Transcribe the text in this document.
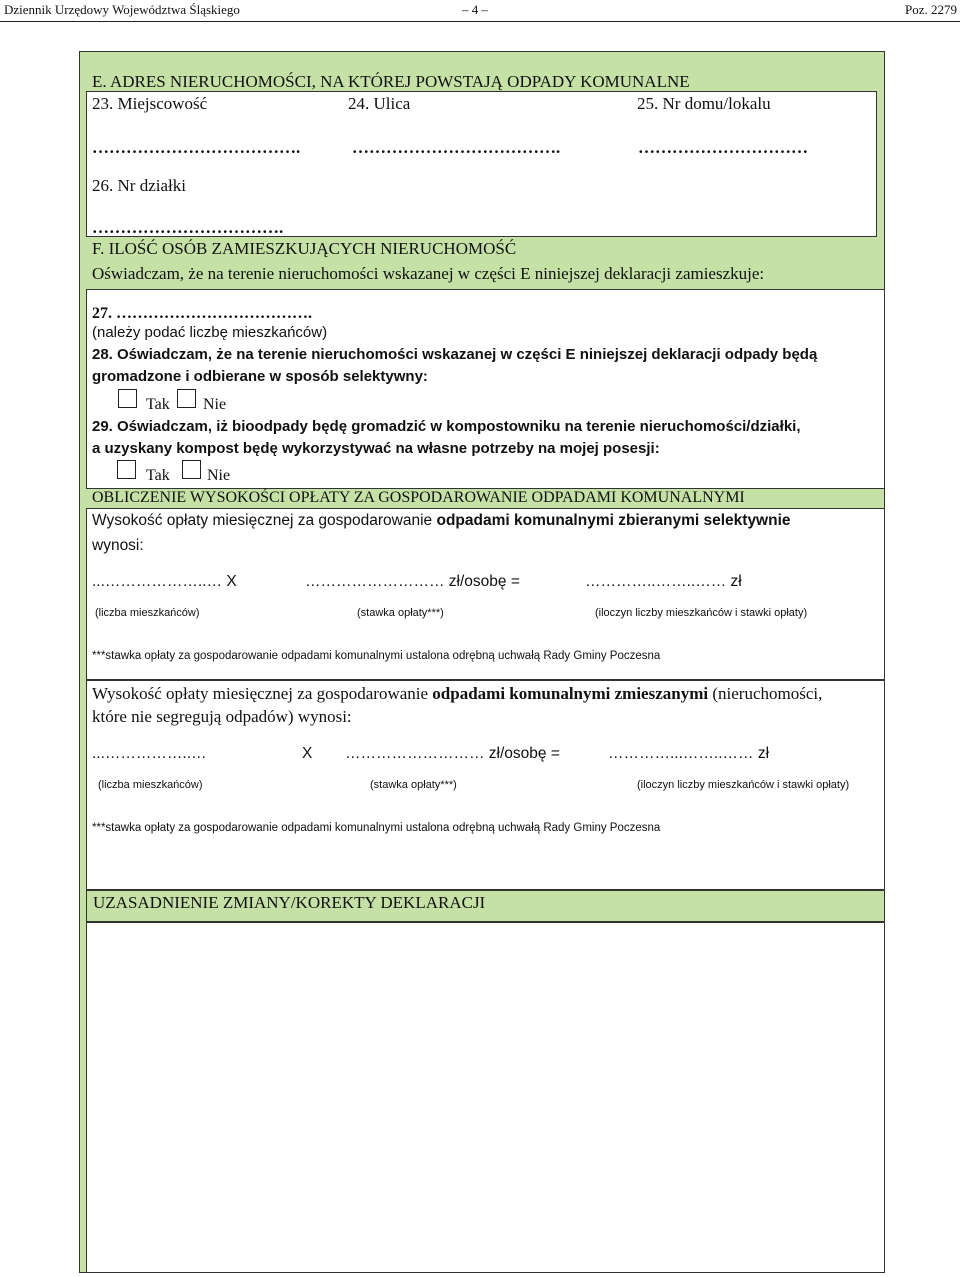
Dziennik Urzędowy Województwa Śląskiego	– 4 –	Poz. 2279
E. ADRES NIERUCHOMOŚCI, NA KTÓREJ POWSTAJĄ ODPADY KOMUNALNE
23. Miejscowość	24. Ulica	25. Nr domu/lokalu
……………………………….	……………………………….	…………………………
26. Nr działki
…………………………….
F. ILOŚĆ OSÓB ZAMIESZKUJĄCYCH NIERUCHOMOŚĆ
Oświadczam, że na terenie nieruchomości wskazanej w części E niniejszej deklaracji zamieszkuje:
27. ……………………………….
(należy podać liczbę mieszkańców)
28. Oświadczam, że na terenie nieruchomości wskazanej w części E niniejszej deklaracji odpady będą
gromadzone i odbierane w sposób selektywny:
Tak Nie
29. Oświadczam, iż bioodpady będę gromadzić w kompostowniku na terenie nieruchomości/działki,
a uzyskany kompost będę wykorzystywać na własne potrzeby na mojej posesji:
Tak Nie
OBLICZENIE WYSOKOŚCI OPŁATY ZA GOSPODAROWANIE ODPADAMI KOMUNALNYMI
Wysokość opłaty miesięcznej za gospodarowanie odpadami komunalnymi zbieranymi selektywnie
wynosi:
...………………..… X	……………………… zł/osobę =	…………..……..…… zł
(liczba mieszkańców)	(stawka opłaty***)	(iloczyn liczby mieszkańców i stawki opłaty)
***stawka opłaty za gospodarowanie odpadami komunalnymi ustalona odrębną uchwałą Rady Gminy Poczesna
Wysokość opłaty miesięcznej za gospodarowanie odpadami komunalnymi zmieszanymi (nieruchomości,
które nie segregują odpadów) wynosi:
...……………..…	X ……………………… zł/osobę =	…………...……..…… zł
(liczba mieszkańców)	(stawka opłaty***)	(iloczyn liczby mieszkańców i stawki opłaty)
***stawka opłaty za gospodarowanie odpadami komunalnymi ustalona odrębną uchwałą Rady Gminy Poczesna
UZASADNIENIE ZMIANY/KOREKTY DEKLARACJI
